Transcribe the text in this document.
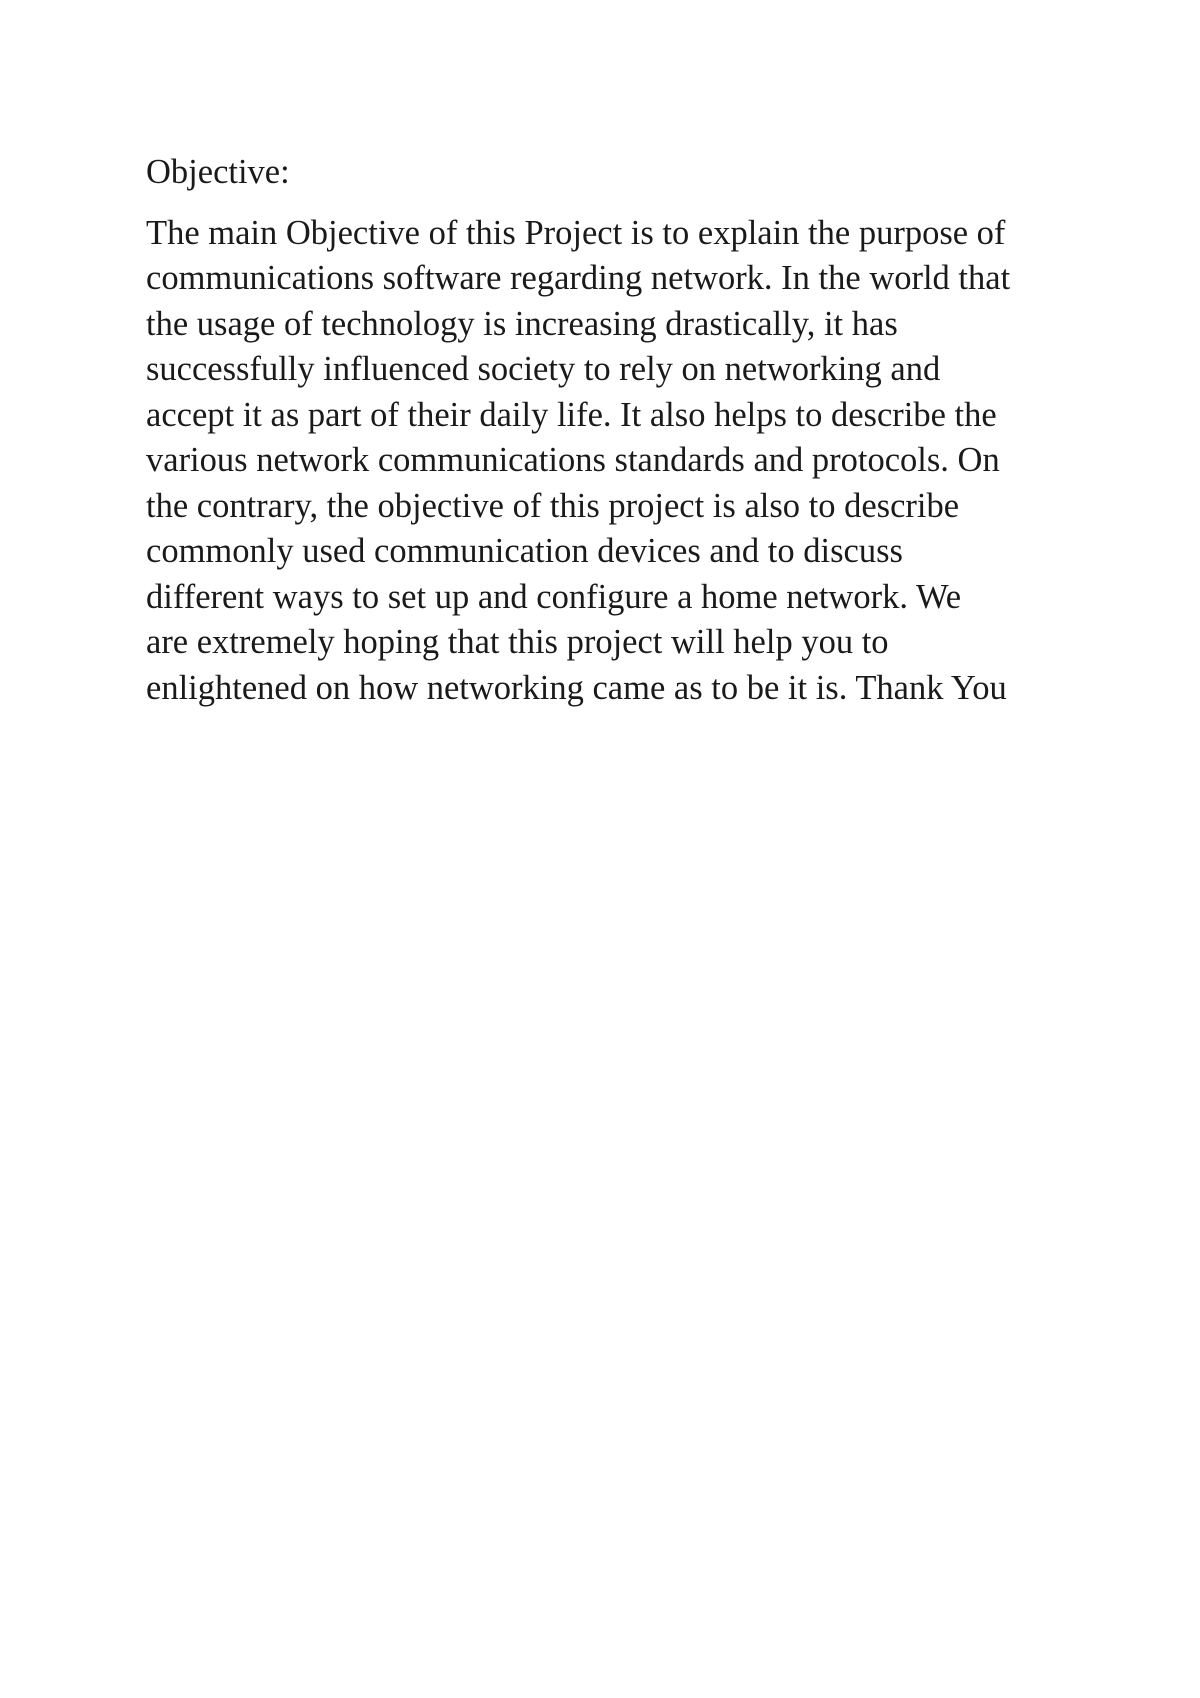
Objective:
The main Objective of this Project is to explain the purpose of
communications software regarding network. In the world that
the usage of technology is increasing drastically, it has
successfully influenced society to rely on networking and
accept it as part of their daily life. It also helps to describe the
various network communications standards and protocols. On
the contrary, the objective of this project is also to describe
commonly used communication devices and to discuss
different ways to set up and configure a home network. We
are extremely hoping that this project will help you to
enlightened on how networking came as to be it is. Thank You
